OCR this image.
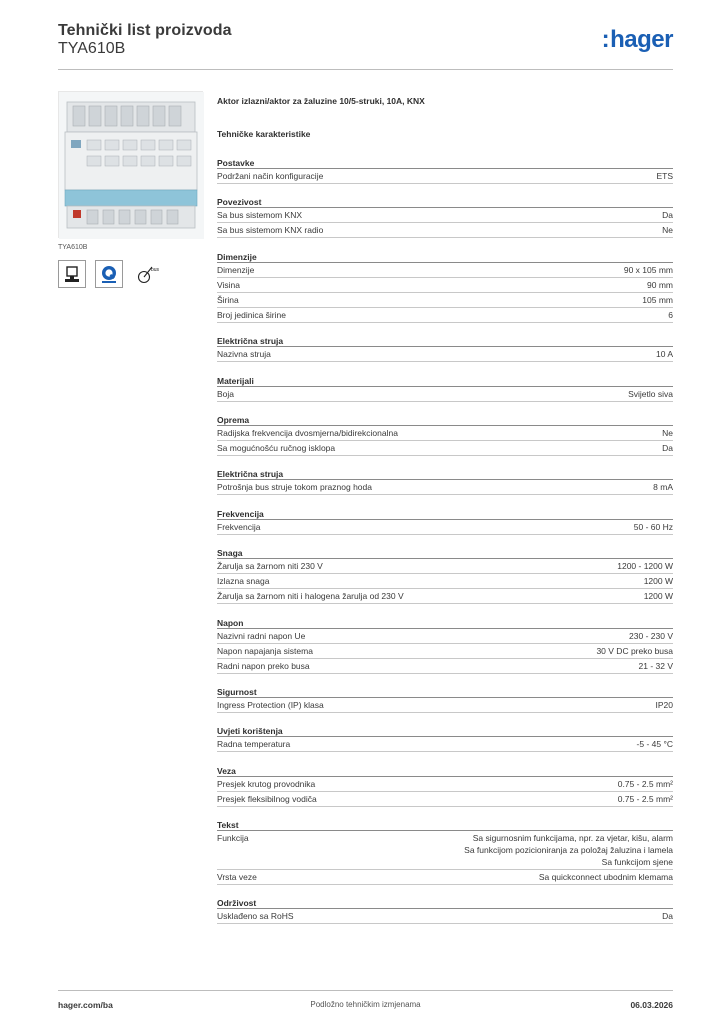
Tehnički list proizvoda
TYA610B	:hager
TYA610B
bus
Aktor izlazni/aktor za žaluzine 10/5-struki, 10A, KNX
Tehničke karakteristike
Postavke
Podržani način konfiguracije	ETS
Povezivost
Sa bus sistemom KNX	Da
Sa bus sistemom KNX radio	Ne
Dimenzije
Dimenzije	90 x 105 mm
Visina	90 mm
Širina	105 mm
Broj jedinica širine	6
Električna struja
Nazivna struja	10 A
Materijali
Boja	Svijetlo siva
Oprema
Radijska frekvencija dvosmjerna/bidirekcionalna	Ne
Sa mogućnošću ručnog isklopa	Da
Električna struja
Potrošnja bus struje tokom praznog hoda	8 mA
Frekvencija
Frekvencija	50 - 60 Hz
Snaga
Žarulja sa žarnom niti 230 V	1200 - 1200 W
Izlazna snaga	1200 W
Žarulja sa žarnom niti i halogena žarulja od 230 V	1200 W
Napon
Nazivni radni napon Ue	230 - 230 V
Napon napajanja sistema	30 V DC preko busa
Radni napon preko busa	21 - 32 V
Sigurnost
Ingress Protection (IP) klasa	IP20
Uvjeti korištenja
Radna temperatura	-5 - 45 °C
Veza
Presjek krutog provodnika	0.75 - 2.5 mm²
Presjek fleksibilnog vodiča	0.75 - 2.5 mm²
Tekst
Funkcija	Sa sigurnosnim funkcijama, npr. za vjetar, kišu, alarm
Sa funkcijom pozicioniranja za položaj žaluzina i lamela
Sa funkcijom sjene
Vrsta veze	Sa quickconnect ubodnim klemama
Održivost
Usklađeno sa RoHS	Da
hager.com/ba	Podložno tehničkim izmjenama	06.03.2026
